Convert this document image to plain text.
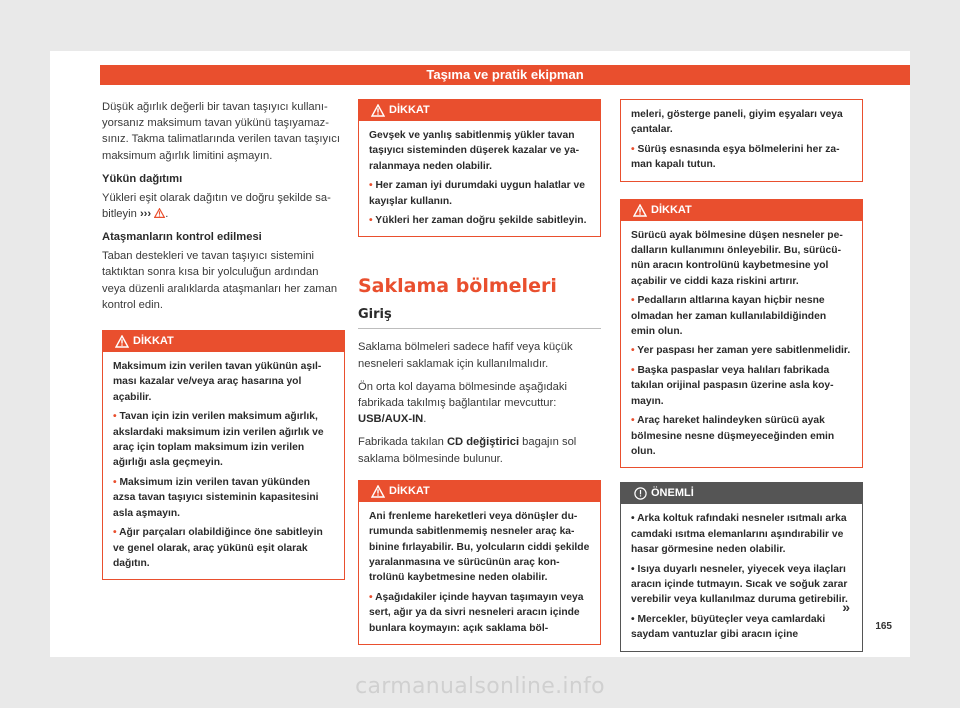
Taşıma ve pratik ekipman

Düşük ağırlık değerli bir tavan taşıyıcı kullanıyorsanız maksimum tavan yükünü taşıyamazsınız. Takma talimatlarında verilen tavan taşıyıcı maksimum ağırlık limitini aşmayın.

Yükün dağıtımı

Yükleri eşit olarak dağıtın ve doğru şekilde sabitleyin ››› .

Ataşmanların kontrol edilmesi

Taban destekleri ve tavan taşıyıcı sistemini taktıktan sonra kısa bir yolculuğun ardından veya düzenli aralıklarda ataşmanları her zaman kontrol edin.

DİKKAT

Maksimum izin verilen tavan yükünün aşılması kazalar ve/veya araç hasarına yol açabilir.

• Tavan için izin verilen maksimum ağırlık, akslardaki maksimum izin verilen ağırlık ve araç için toplam maksimum izin verilen ağırlığı asla geçmeyin.

• Maksimum izin verilen tavan yükünden azsa tavan taşıyıcı sisteminin kapasitesini asla aşmayın.

• Ağır parçaları olabildiğince öne sabitleyin ve genel olarak, araç yükünü eşit olarak dağıtın.

DİKKAT

Gevşek ve yanlış sabitlenmiş yükler tavan taşıyıcı sisteminden düşerek kazalar ve yaralanmaya neden olabilir.

• Her zaman iyi durumdaki uygun halatlar ve kayışlar kullanın.

• Yükleri her zaman doğru şekilde sabitleyin.

Saklama bölmeleri
Giriş

Saklama bölmeleri sadece hafif veya küçük nesneleri saklamak için kullanılmalıdır.

Ön orta kol dayama bölmesinde aşağıdaki fabrikada takılmış bağlantılar mevcuttur: USB/AUX-IN.

Fabrikada takılan CD değiştirici bagajın sol saklama bölmesinde bulunur.

DİKKAT

Ani frenleme hareketleri veya dönüşler durumunda sabitlenmemiş nesneler araç kabinine fırlayabilir. Bu, yolcuların ciddi şekilde yaralanmasına ve sürücünün araç kontrolünü kaybetmesine neden olabilir.

• Aşağıdakiler içinde hayvan taşımayın veya sert, ağır ya da sivri nesneleri aracın içinde bunlara koymayın: açık saklama böl-

meleri, gösterge paneli, giyim eşyaları veya çantalar.

• Sürüş esnasında eşya bölmelerini her zaman kapalı tutun.

DİKKAT

Sürücü ayak bölmesine düşen nesneler pedalların kullanımını önleyebilir. Bu, sürücünün aracın kontrolünü kaybetmesine yol açabilir ve ciddi kaza riskini artırır.

• Pedalların altlarına kayan hiçbir nesne olmadan her zaman kullanılabildiğinden emin olun.

• Yer paspası her zaman yere sabitlenmelidir.

• Başka paspaslar veya halıları fabrikada takılan orijinal paspasın üzerine asla koymayın.

• Araç hareket halindeyken sürücü ayak bölmesine nesne düşmeyeceğinden emin olun.

ÖNEMLİ

• Arka koltuk rafındaki nesneler ısıtmalı arka camdaki ısıtma elemanlarını aşındırabilir ve hasar görmesine neden olabilir.

• Isıya duyarlı nesneler, yiyecek veya ilaçları aracın içinde tutmayın. Sıcak ve soğuk zarar verebilir veya kullanılmaz duruma getirebilir.

• Mercekler, büyüteçler veya camlardaki saydam vantuzlar gibi aracın içine

»
165
carmanualsonline.info
